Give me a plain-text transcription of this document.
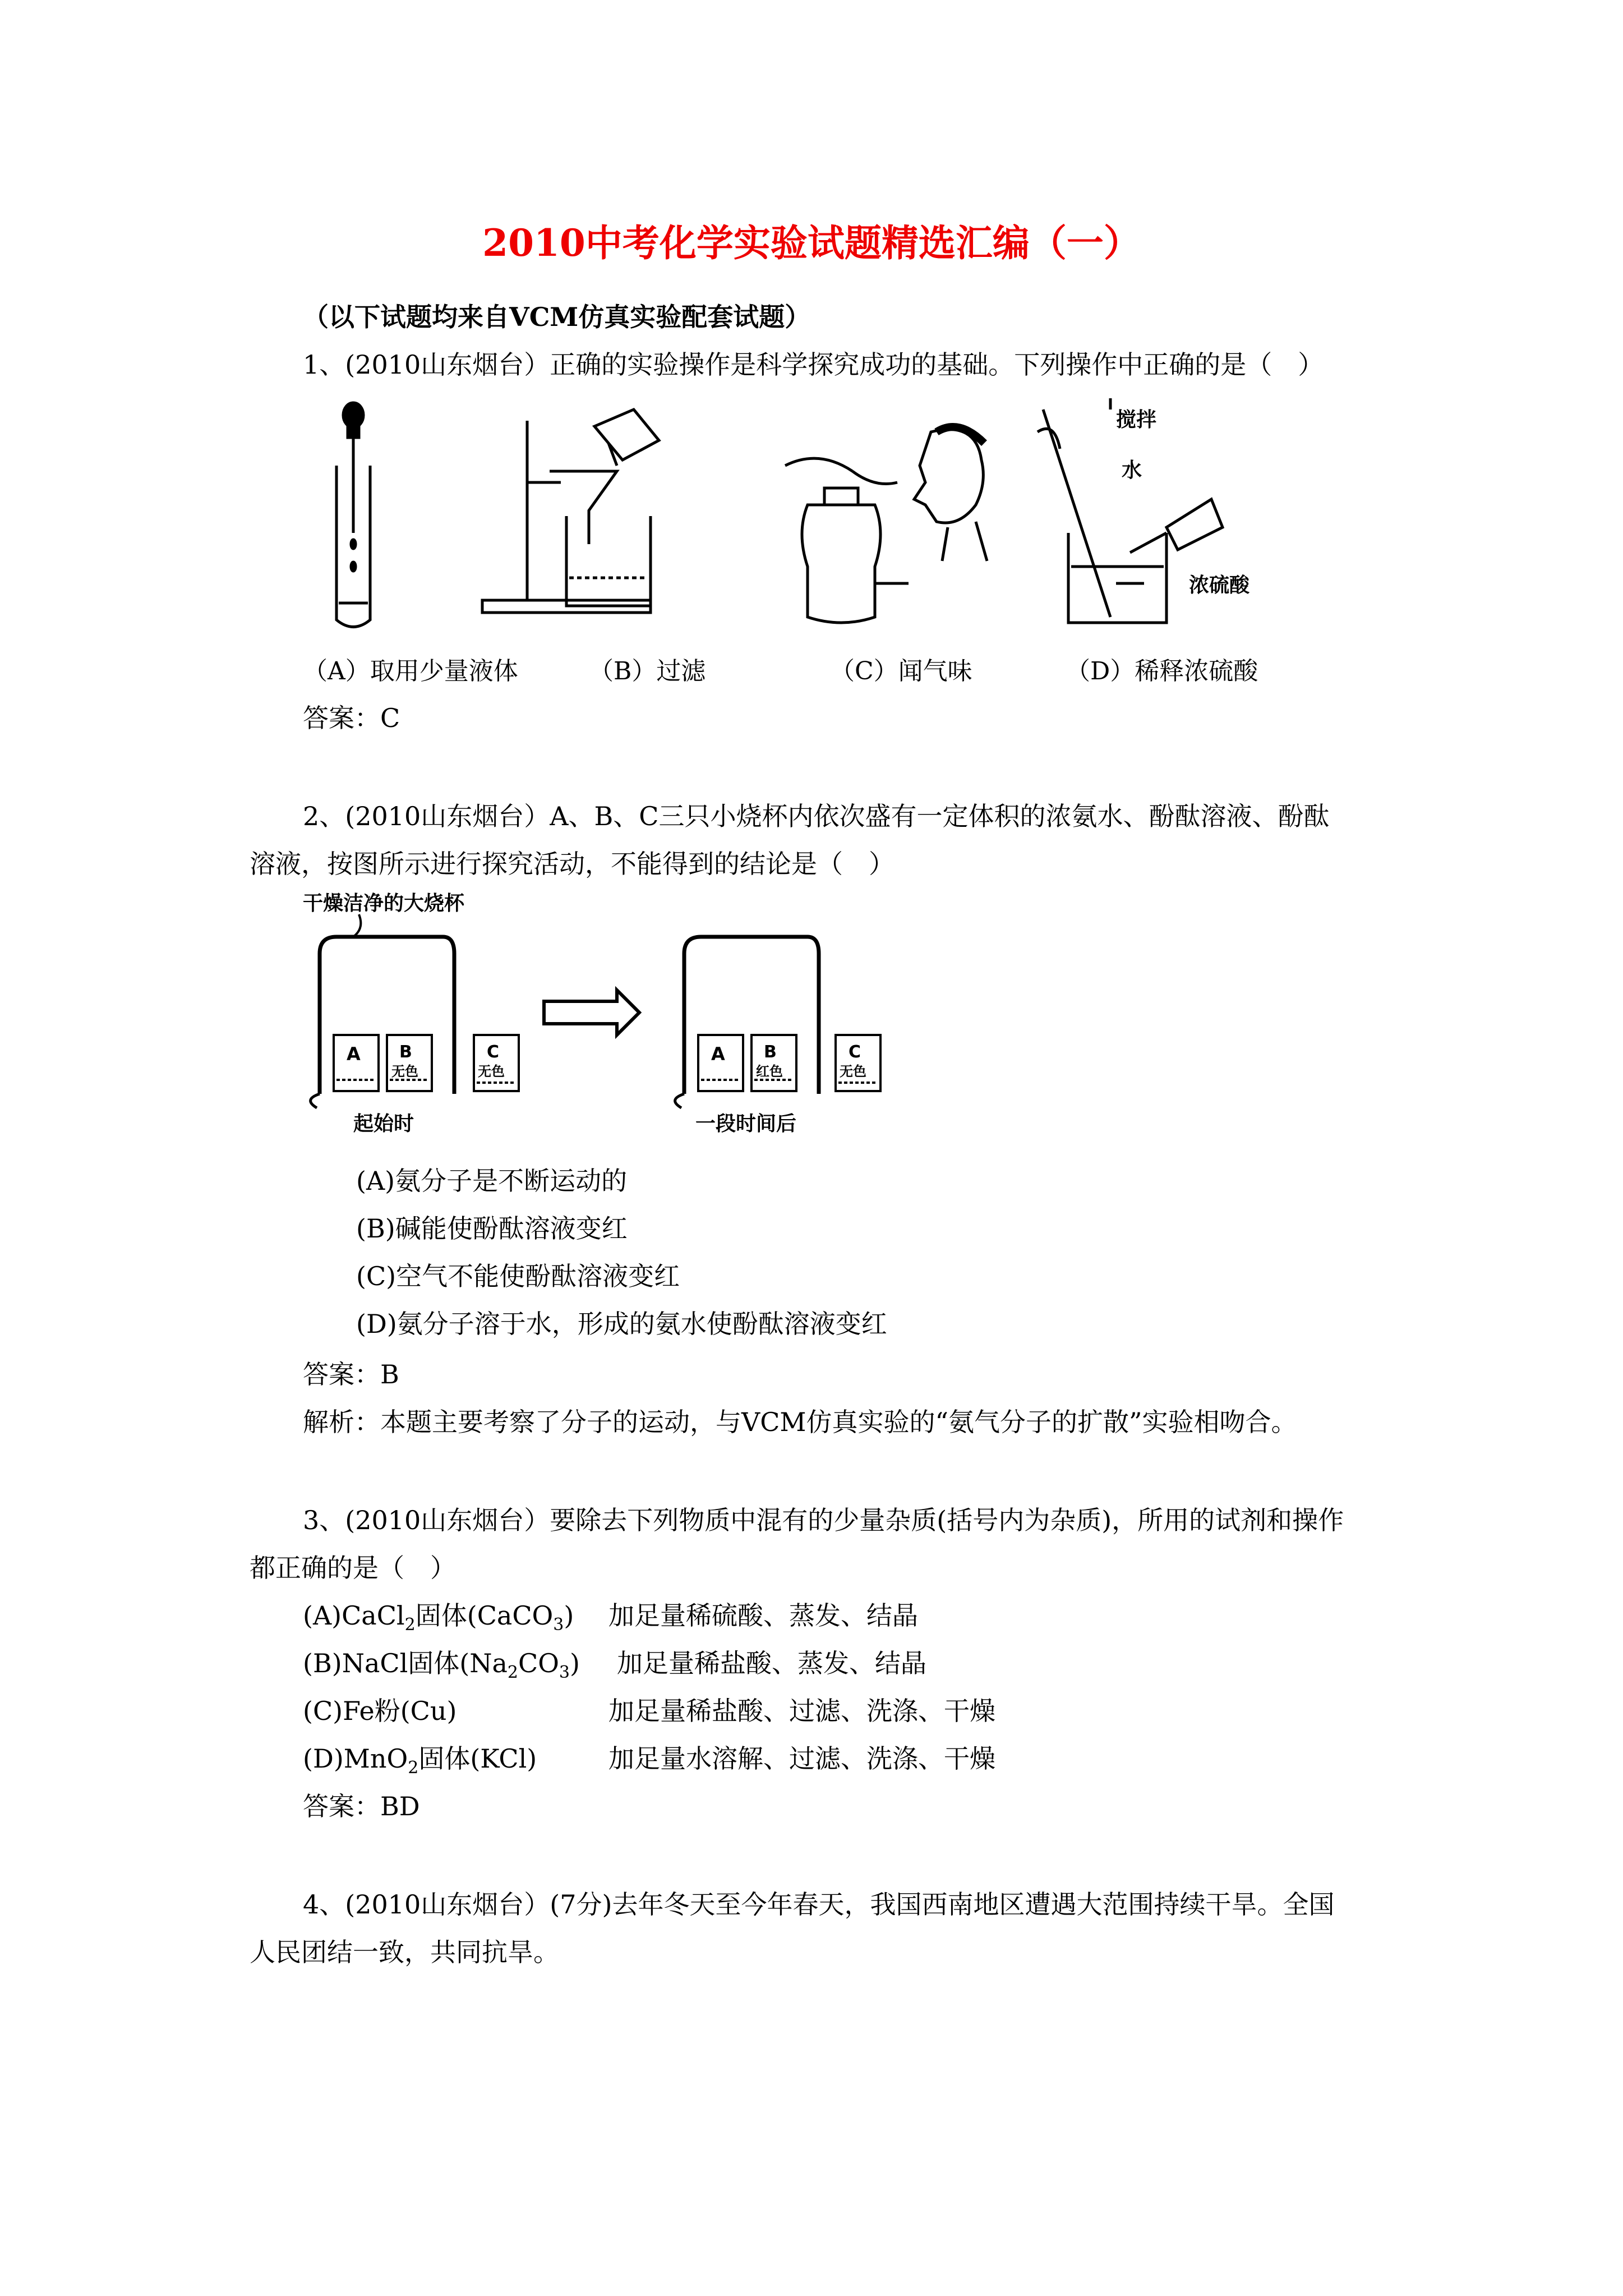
2010中考化学实验试题精选汇编（一）
（以下试题均来自VCM仿真实验配套试题）
1、(2010山东烟台）正确的实验操作是科学探究成功的基础。下列操作中正确的是（　）
搅拌
水
浓硫酸
（A）取用少量液体	（B）过滤	（C）闻气味	（D）稀释浓硫酸
答案：C
2、(2010山东烟台）A、B、C三只小烧杯内依次盛有一定体积的浓氨水、酚酞溶液、酚酞
溶液，按图所示进行探究活动，不能得到的结论是（　）
干燥洁净的大烧杯
A B
无色
C
无色
起始时
A B
红色
C
无色
一段时间后
(A)氨分子是不断运动的
(B)碱能使酚酞溶液变红
(C)空气不能使酚酞溶液变红
(D)氨分子溶于水，形成的氨水使酚酞溶液变红
答案：B
解析：本题主要考察了分子的运动，与VCM仿真实验的“氨气分子的扩散”实验相吻合。
3、(2010山东烟台）要除去下列物质中混有的少量杂质(括号内为杂质)，所用的试剂和操作
都正确的是（　）
(A)CaCl$_2$固体(CaCO$_3$) 加足量稀硫酸、蒸发、结晶
(B)NaCl固体$(Na_2CO_3)$ 加足量稀盐酸、蒸发、结晶
(C)Fe粉(Cu)	加足量稀盐酸、过滤、洗涤、干燥
(D)MnO$_2$固体(KCl)	加足量水溶解、过滤、洗涤、干燥
答案：BD
4、(2010山东烟台）(7分)去年冬天至今年春天，我国西南地区遭遇大范围持续干旱。全国
人民团结一致，共同抗旱。
